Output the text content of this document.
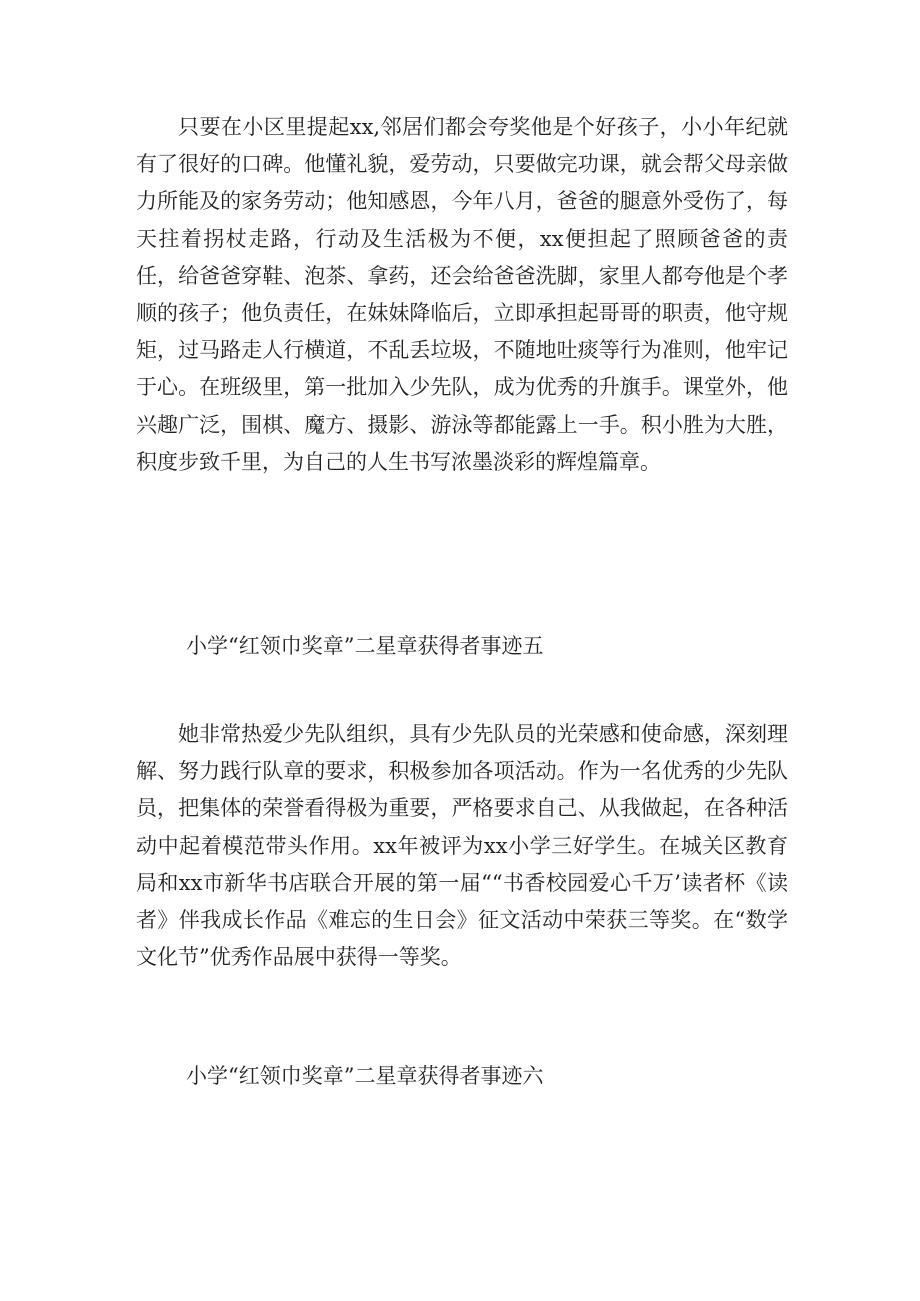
只要在小区里提起xx,邻居们都会夸奖他是个好孩子，小小年纪就有了很好的口碑。他懂礼貌，爱劳动，只要做完功课，就会帮父母亲做力所能及的家务劳动；他知感恩，今年八月，爸爸的腿意外受伤了，每天拄着拐杖走路，行动及生活极为不便，xx便担起了照顾爸爸的责任，给爸爸穿鞋、泡茶、拿药，还会给爸爸洗脚，家里人都夸他是个孝顺的孩子；他负责任，在妹妹降临后，立即承担起哥哥的职责，他守规矩，过马路走人行横道，不乱丢垃圾，不随地吐痰等行为准则，他牢记于心。在班级里，第一批加入少先队，成为优秀的升旗手。课堂外，他兴趣广泛，围棋、魔方、摄影、游泳等都能露上一手。积小胜为大胜，积度步致千里，为自己的人生书写浓墨淡彩的辉煌篇章。

小学“红领巾奖章”二星章获得者事迹五

她非常热爱少先队组织，具有少先队员的光荣感和使命感，深刻理解、努力践行队章的要求，积极参加各项活动。作为一名优秀的少先队员，把集体的荣誉看得极为重要，严格要求自己、从我做起，在各种活动中起着模范带头作用。xx年被评为xx小学三好学生。在城关区教育局和xx市新华书店联合开展的第一届““书香校园爱心千万’读者杯《读者》伴我成长作品《难忘的生日会》征文活动中荣获三等奖。在“数学文化节”优秀作品展中获得一等奖。

小学“红领巾奖章”二星章获得者事迹六
